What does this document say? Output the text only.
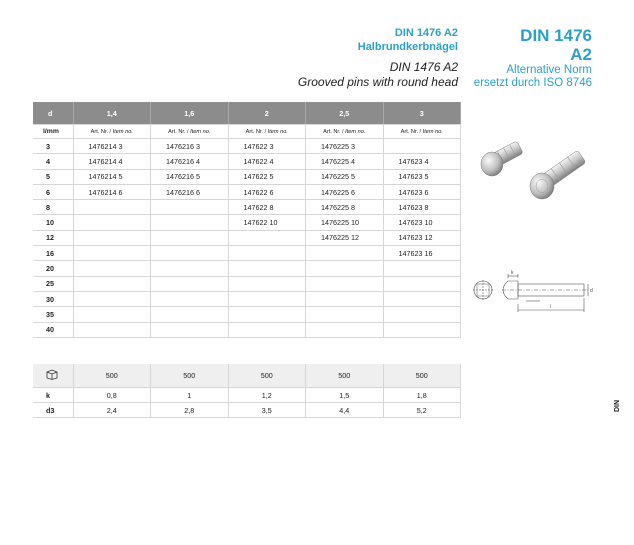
DIN 1476 A2
Halbrundkerbnägel
DIN 1476 A2
Grooved pins with round head
DIN 1476
A2
Alternative Norm
ersetzt durch ISO 8746
d	1,4	1,6	2	2,5	3
l/mm	Art. Nr. / Item no.	Art. Nr. / Item no.	Art. Nr. / Item no.	Art. Nr. / Item no.	Art. Nr. / Item no.
3	1476214 3	1476216 3	147622 3	1476225 3	
4	1476214 4	1476216 4	147622 4	1476225 4	147623 4
5	1476214 5	1476216 5	147622 5	1476225 5	147623 5
6	1476214 6	1476216 6	147622 6	1476225 6	147623 6
8			147622 8	1476225 8	147623 8
10			147622 10	1476225 10	147623 10
12				1476225 12	147623 12
16					147623 16
20					
25					
30					
35					
40					
	500	500	500	500	500
k	0,8	1	1,2	1,5	1,8
d3	2,4	2,8	3,5	4,4	5,2
k
l
d
DIN
